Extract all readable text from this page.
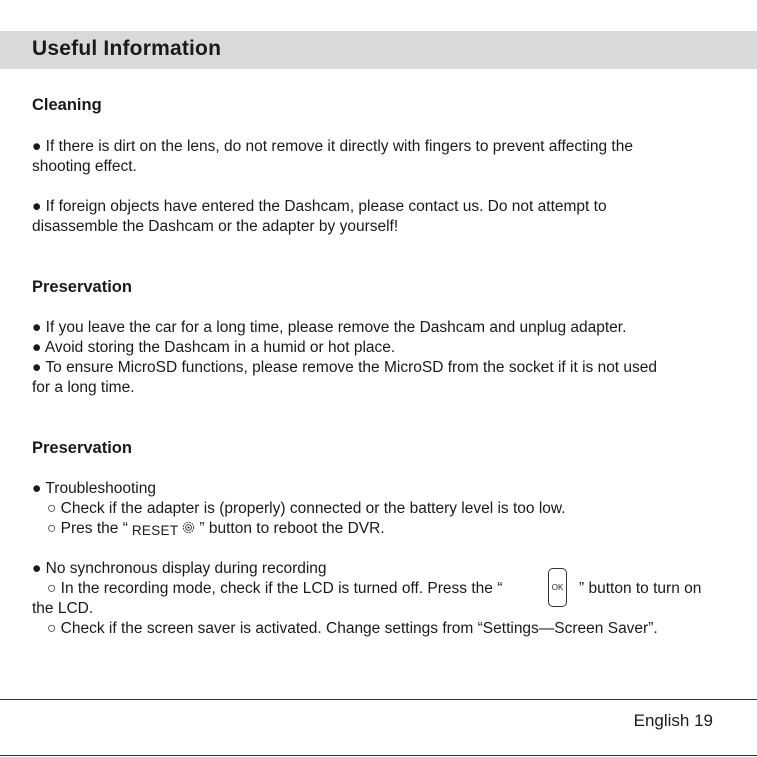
Useful Information
Cleaning
● If there is dirt on the lens, do not remove it directly with fingers to prevent affecting the
shooting effect.
● If foreign objects have entered the Dashcam, please contact us. Do not attempt to
disassemble the Dashcam or the adapter by yourself!
Preservation
● If you leave the car for a long time, please remove the Dashcam and unplug adapter.
● Avoid storing the Dashcam in a humid or hot place.
● To ensure MicroSD functions, please remove the MicroSD from the socket if it is not used
for a long time.
Preservation
● Troubleshooting
○ Check if the adapter is (properly) connected or the battery level is too low.
○ Pres the “ RESET ” button to reboot the DVR.
● No synchronous display during recording
○ In the recording mode, check if the LCD is turned off. Press the “	OK ” button to turn on
the LCD.
○ Check if the screen saver is activated. Change settings from “Settings—Screen Saver”.
English 19
